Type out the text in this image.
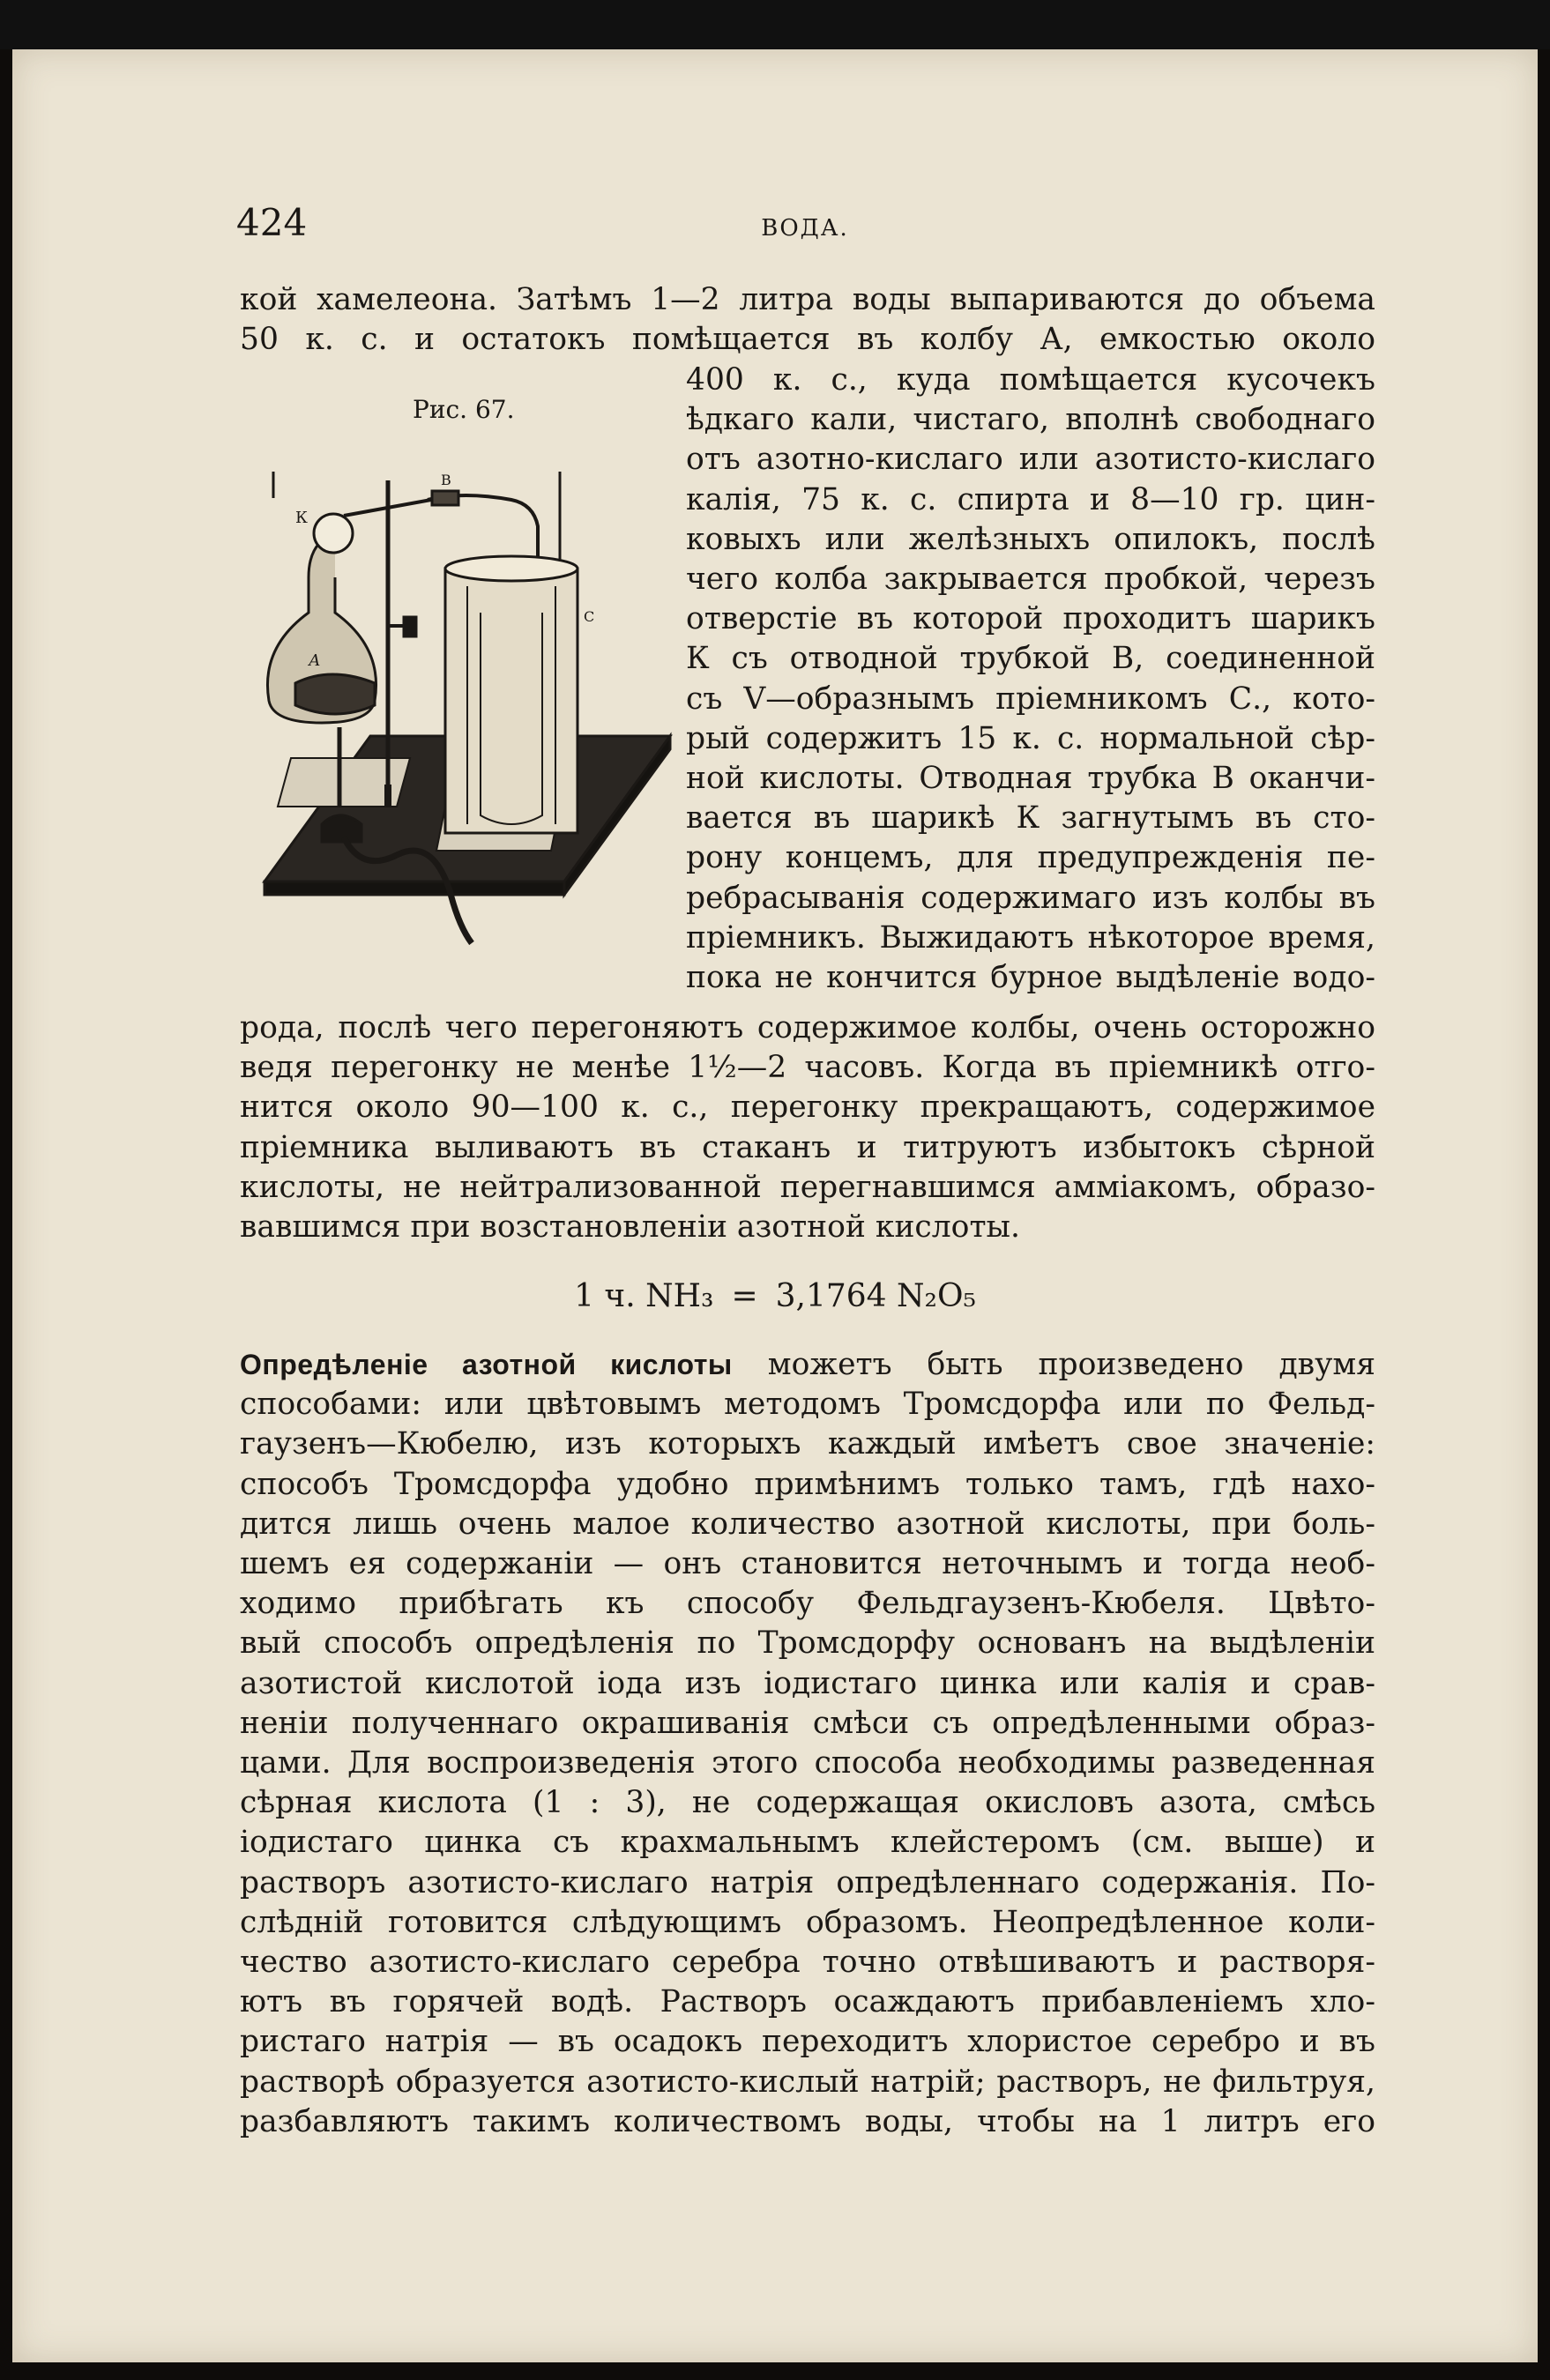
424	ВОДА.
кой хамелеона. Затѣмъ 1—2 литра воды выпариваются до объема
50 к. с. и остатокъ помѣщается въ колбу А, емкостью около
Рис. 67.
К
В
С
А
400 к. с., куда помѣщается кусочекъ
ѣдкаго кали, чистаго, вполнѣ свободнаго
отъ азотно-кислаго или азотисто-кислаго
калія, 75 к. с. спирта и 8—10 гр. цин-
ковыхъ или желѣзныхъ опилокъ, послѣ
чего колба закрывается пробкой, черезъ
отверстіе въ которой проходитъ шарикъ
К съ отводной трубкой В, соединенной
съ V—образнымъ пріемникомъ С., кото-
рый содержитъ 15 к. с. нормальной сѣр-
ной кислоты. Отводная трубка В оканчи-
вается въ шарикѣ К загнутымъ въ сто-
рону концемъ, для предупрежденія пе-
ребрасыванія содержимаго изъ колбы въ
пріемникъ. Выжидаютъ нѣкоторое время,
пока не кончится бурное выдѣленіе водо-
рода, послѣ чего перегоняютъ содержимое колбы, очень осторожно
ведя перегонку не менѣе 1½—2 часовъ. Когда въ пріемникѣ отго-
нится около 90—100 к. с., перегонку прекращаютъ, содержимое
пріемника выливаютъ въ стаканъ и титруютъ избытокъ сѣрной
кислоты, не нейтрализованной перегнавшимся амміакомъ, образо-
вавшимся при возстановленіи азотной кислоты.
1 ч. NH₃ = 3,1764 N₂O₅
Опредѣленіе азотной кислоты можетъ быть произведено двумя
способами: или цвѣтовымъ методомъ Тромсдорфа или по Фельд-
гаузенъ—Кюбелю, изъ которыхъ каждый имѣетъ свое значеніе:
способъ Тромсдорфа удобно примѣнимъ только тамъ, гдѣ нахо-
дится лишь очень малое количество азотной кислоты, при боль-
шемъ ея содержаніи — онъ становится неточнымъ и тогда необ-
ходимо прибѣгать къ способу Фельдгаузенъ-Кюбеля. Цвѣто-
вый способъ опредѣленія по Тромсдорфу основанъ на выдѣленіи
азотистой кислотой іода изъ іодистаго цинка или калія и срав-
неніи полученнаго окрашиванія смѣси съ опредѣленными образ-
цами. Для воспроизведенія этого способа необходимы разведенная
сѣрная кислота (1 : 3), не содержащая окисловъ азота, смѣсь
іодистаго цинка съ крахмальнымъ клейстеромъ (см. выше) и
растворъ азотисто-кислаго натрія опредѣленнаго содержанія. По-
слѣдній готовится слѣдующимъ образомъ. Неопредѣленное коли-
чество азотисто-кислаго серебра точно отвѣшиваютъ и растворя-
ютъ въ горячей водѣ. Растворъ осаждаютъ прибавленіемъ хло-
ристаго натрія — въ осадокъ переходитъ хлористое серебро и въ
растворѣ образуется азотисто-кислый натрій; растворъ, не фильтруя,
разбавляютъ такимъ количествомъ воды, чтобы на 1 литръ его
